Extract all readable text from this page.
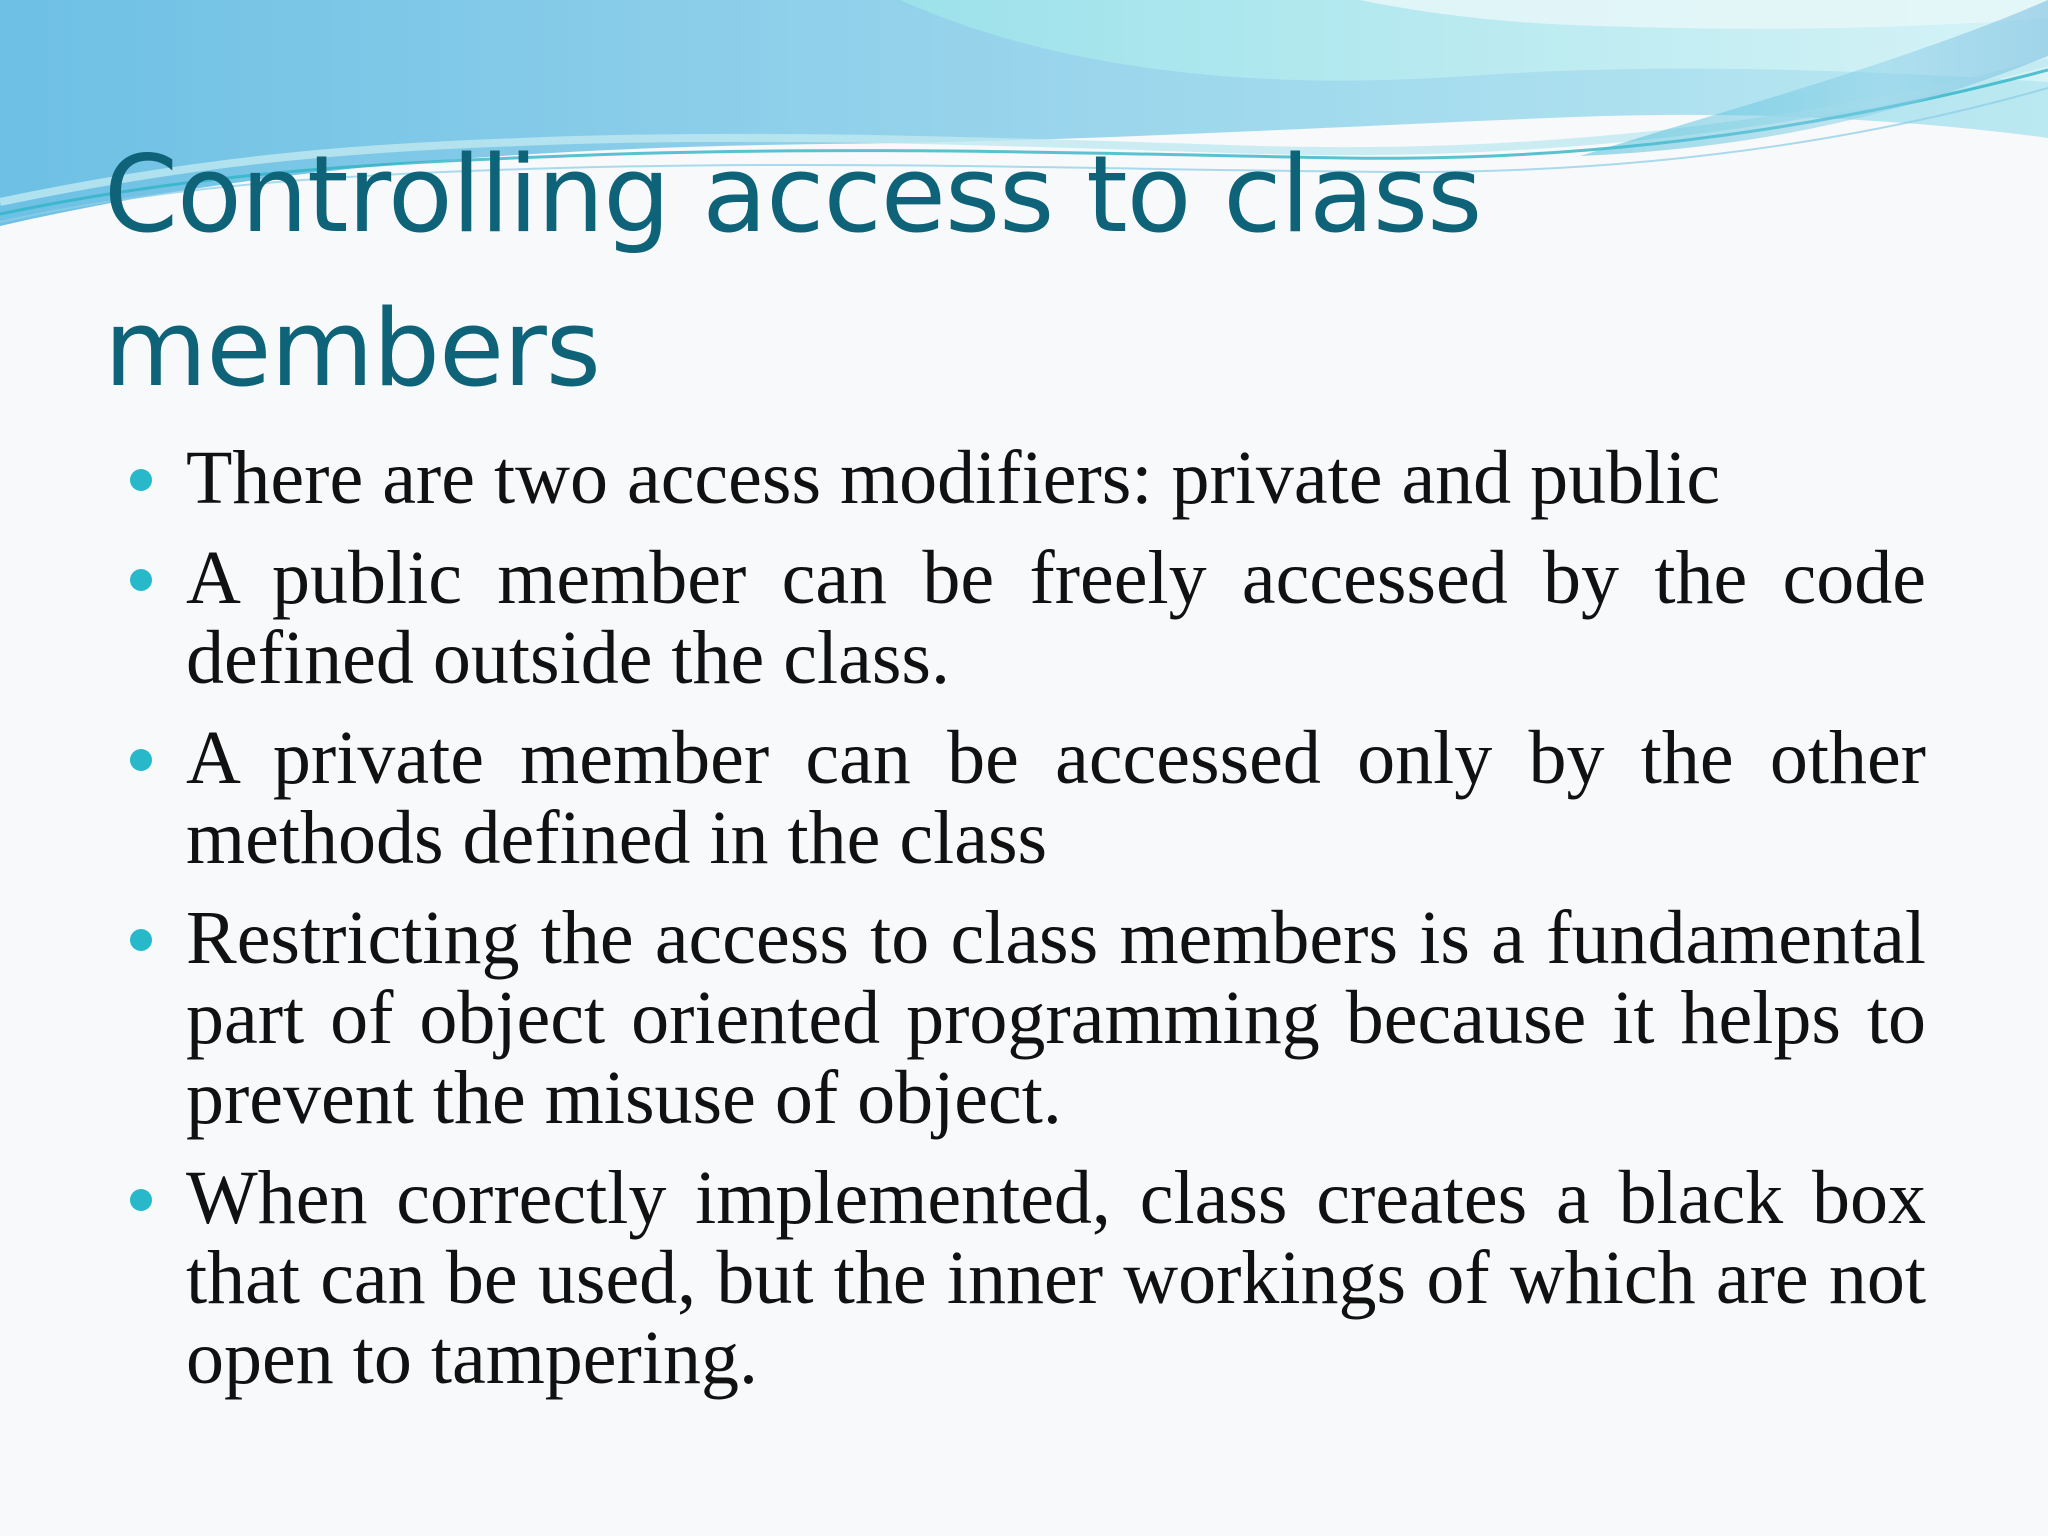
Controlling access to class members
There are two access modifiers: private and public
A public member can be freely accessed by the code defined outside the class.
A private member can be accessed only by the other methods defined in the class
Restricting the access to class members is a fundamental part of object oriented programming because it helps to prevent the misuse of object.
When correctly implemented, class creates a black box that can be used, but the inner workings of which are not open to tampering.
